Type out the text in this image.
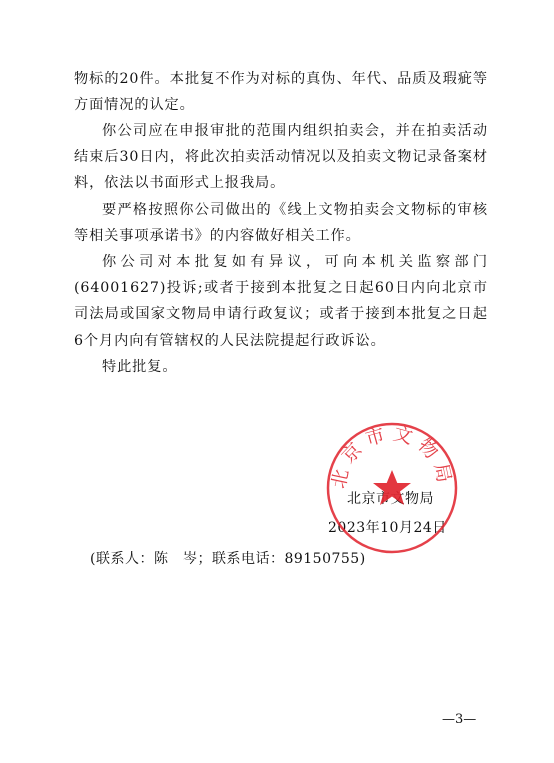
物标的20件。本批复不作为对标的真伪、年代、品质及瑕疵等方面情况的认定。

你公司应在申报审批的范围内组织拍卖会，并在拍卖活动结束后30日内，将此次拍卖活动情况以及拍卖文物记录备案材料，依法以书面形式上报我局。

要严格按照你公司做出的《线上文物拍卖会文物标的审核等相关事项承诺书》的内容做好相关工作。

你公司对本批复如有异议，可向本机关监察部门(64001627)投诉;或者于接到本批复之日起60日内向北京市司法局或国家文物局申请行政复议；或者于接到本批复之日起6个月内向有管辖权的人民法院提起行政诉讼。

特此批复。

北京市文物局
2023年10月24日
北京市文物局
(联系人：陈　岑；联系电话：89150755)
—3—
